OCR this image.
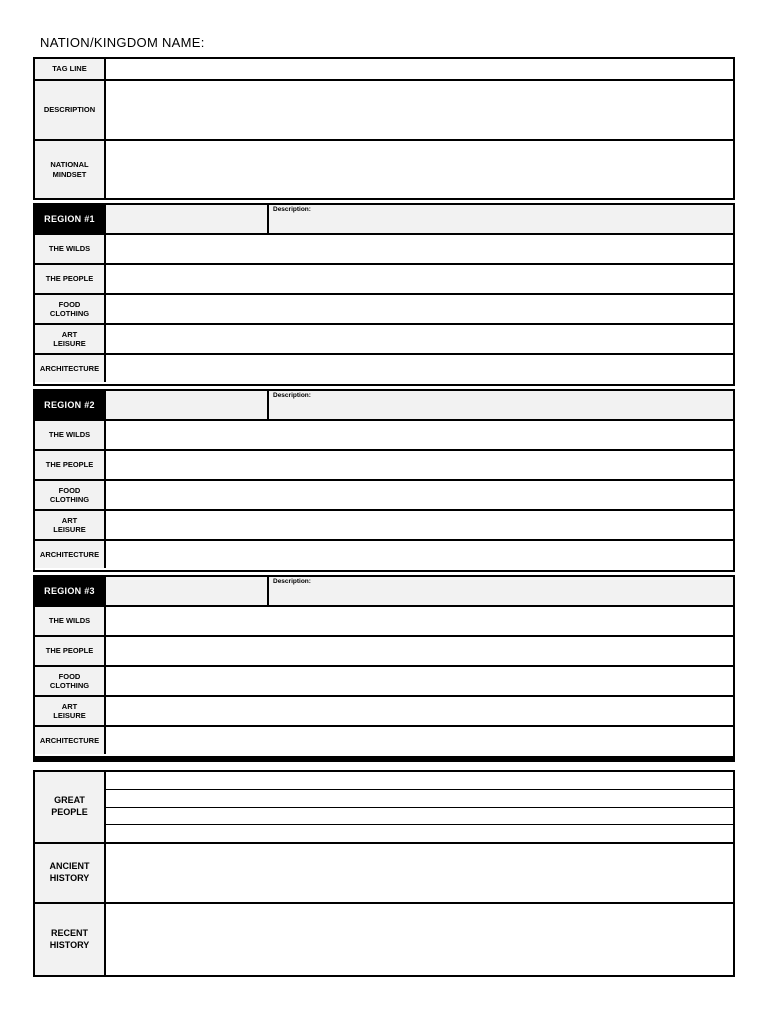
NATION/KINGDOM NAME:
TAG LINE
DESCRIPTION
NATIONAL
MINDSET
REGION #1
Description:
THE WILDS
THE PEOPLE
FOOD
CLOTHING
ART
LEISURE
ARCHITECTURE
REGION #2
Description:
THE WILDS
THE PEOPLE
FOOD
CLOTHING
ART
LEISURE
ARCHITECTURE
REGION #3
Description:
THE WILDS
THE PEOPLE
FOOD
CLOTHING
ART
LEISURE
ARCHITECTURE
GREAT
PEOPLE
ANCIENT
HISTORY
RECENT
HISTORY
